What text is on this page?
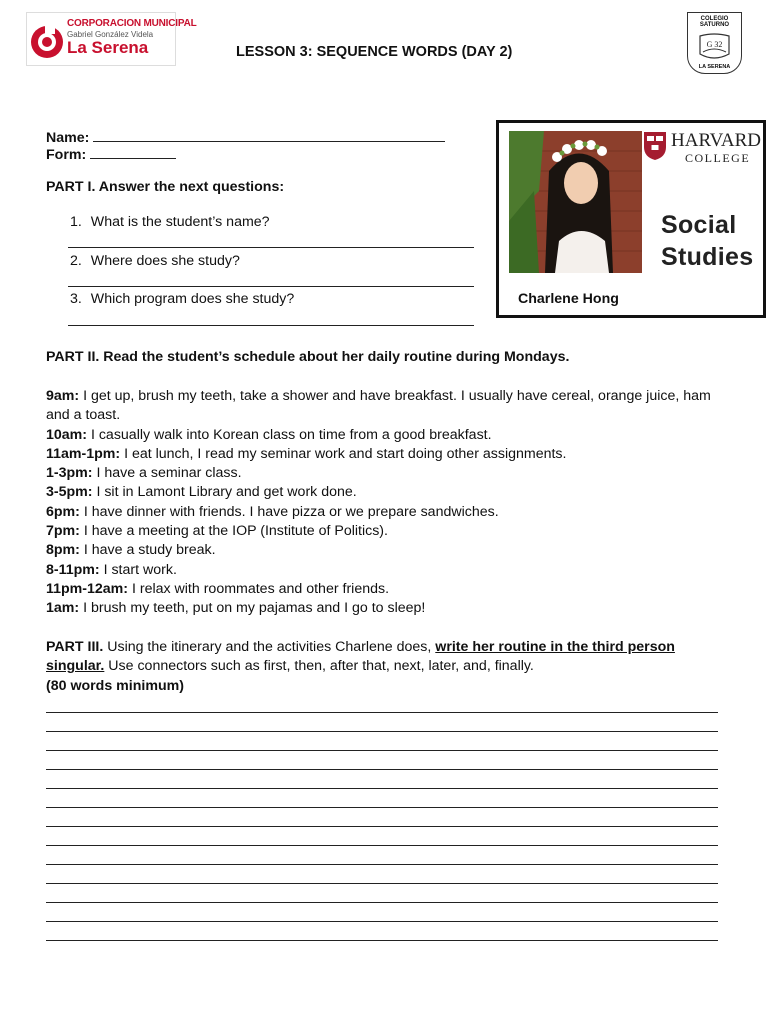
CORPORACION MUNICIPAL
Gabriel González Videla
La Serena	LESSON 3: SEQUENCE WORDS (DAY 2)
COLEGIO
SATURNO
G 32
LA SERENA
Name:
Form:
PART I. Answer the next questions:
1. What is the student’s name?
2. Where does she study?
3. Which program does she study?
HARVARD
COLLEGE
Social
Studies
Charlene Hong
PART II. Read the student’s schedule about her daily routine during Mondays.
9am: I get up, brush my teeth, take a shower and have breakfast. I usually have cereal, orange juice, ham and a toast.
10am: I casually walk into Korean class on time from a good breakfast.
11am-1pm: I eat lunch, I read my seminar work and start doing other assignments.
1-3pm: I have a seminar class.
3-5pm: I sit in Lamont Library and get work done.
6pm: I have dinner with friends. I have pizza or we prepare sandwiches.
7pm: I have a meeting at the IOP (Institute of Politics).
8pm: I have a study break.
8-11pm: I start work.
11pm-12am: I relax with roommates and other friends.
1am: I brush my teeth, put on my pajamas and I go to sleep!
PART III. Using the itinerary and the activities Charlene does, write her routine in the third person singular. Use connectors such as first, then, after that, next, later, and, finally.
(80 words minimum)
